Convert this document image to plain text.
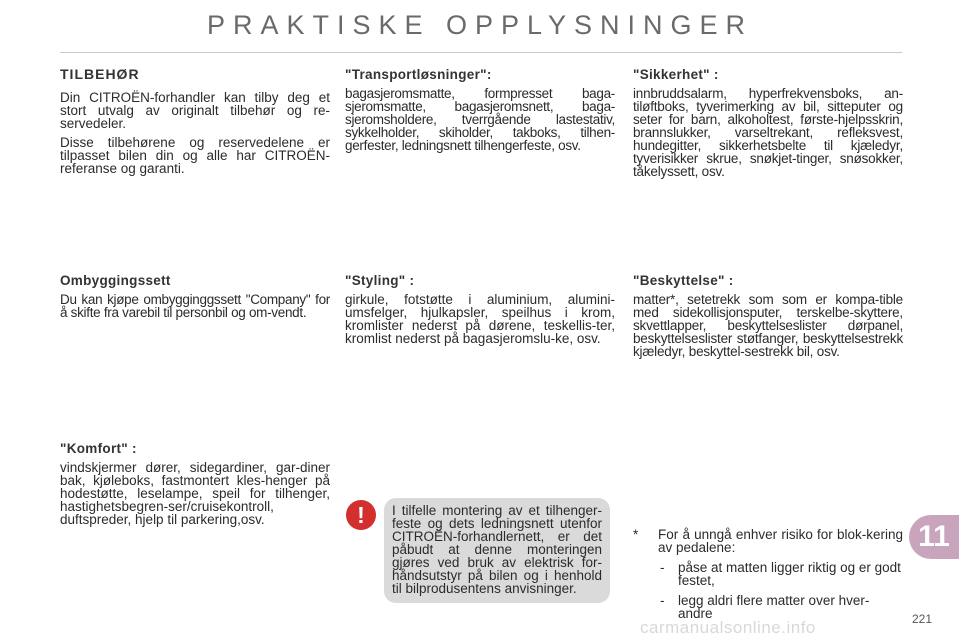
PRAKTISKE OPPLYSNINGER
TILBEHØR

Din CITROËN-forhandler kan tilby deg et stort utvalg av originalt tilbehør og re-servedeler.

Disse tilbehørene og reservedelene er tilpasset bilen din og alle har CITROËN-referanse og garanti.

Ombyggingssett

Du kan kjøpe ombygginggssett "Company" for å skifte fra varebil til personbil og om-vendt.

"Komfort" :

vindskjermer dører, sidegardiner, gar-diner bak, kjøleboks, fastmontert kles-henger på hodestøtte, leselampe, speil for tilhenger, hastighetsbegren-ser/cruisekontroll, duftspreder, hjelp til parkering,osv.

"Transportløsninger":

bagasjeromsmatte, formpresset baga-sjeromsmatte, bagasjeromsnett, baga-sjeromsholdere, tverrgående lastestativ, sykkelholder, skiholder, takboks, tilhen-gerfester, ledningsnett tilhengerfeste, osv.

"Styling" :

girkule, fotstøtte i aluminium, alumini-umsfelger, hjulkapsler, speilhus i krom, kromlister nederst på dørene, teskellis-ter, kromlist nederst på bagasjeromslu-ke, osv.

!	I tilfelle montering av et tilhenger-feste og dets ledningsnett utenfor CITROËN-forhandlernett, er det påbudt at denne monteringen gjøres ved bruk av elektrisk for-håndsutstyr på bilen og i henhold til bilprodusentens anvisninger.

"Sikkerhet" :

innbruddsalarm, hyperfrekvensboks, an-tiløftboks, tyverimerking av bil, sitteputer og seter for barn, alkoholtest, første-hjelpsskrin, brannslukker, varseltrekant, refleksvest, hundegitter, sikkerhetsbelte til kjæledyr, tyverisikker skrue, snøkjet-tinger, snøsokker, tåkelyssett, osv.

"Beskyttelse" :

matter*, setetrekk som som er kompa-tible med sidekollisjonsputer, terskelbe-skyttere, skvettlapper, beskyttelseslister dørpanel, beskyttelseslister støtfanger, beskyttelsestrekk kjæledyr, beskyttel-sestrekk bil, osv.

* For å unngå enhver risiko for blok-kering av pedalene:
- påse at matten ligger riktig og er godt festet,
- legg aldri flere matter over hver-andre
11
carmanualsonline.info	221
